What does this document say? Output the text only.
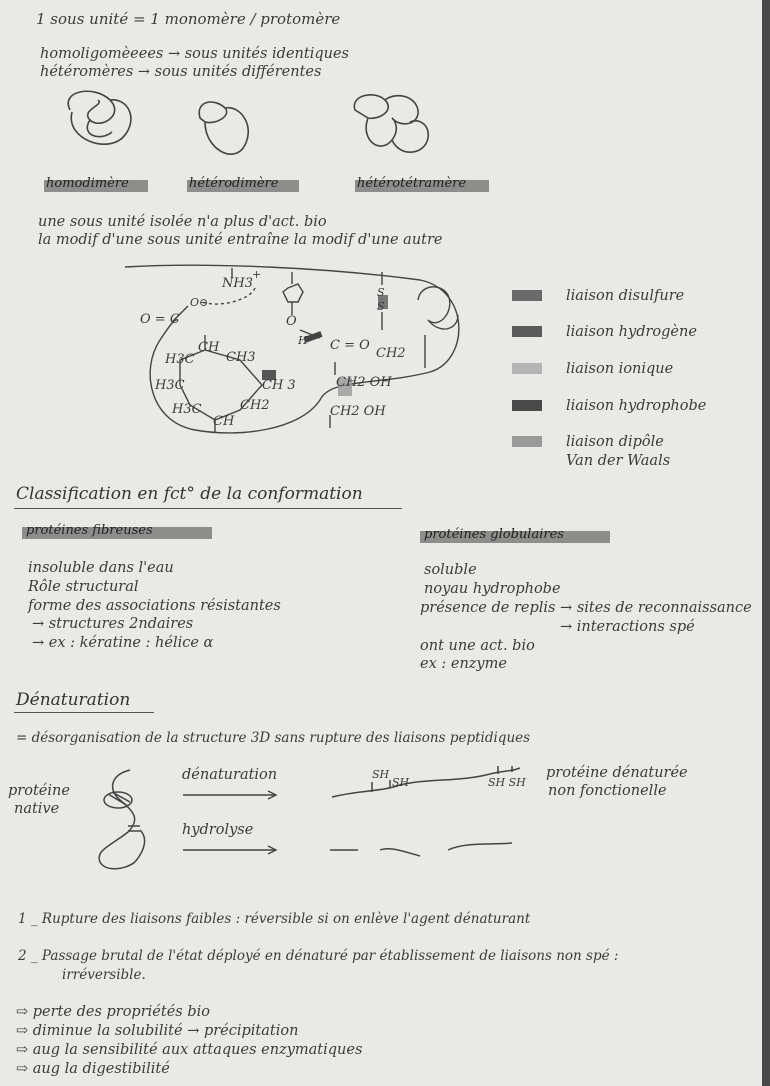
1 sous unité = 1 monomère / protomère
homoligomèeees → sous unités identiques
hétéromères → sous unités différentes
homodimère	hétérodimère	hétérotétramère
une sous unité isolée n'a plus d'act. bio
la modif d'une sous unité entraîne la modif d'une autre
NH3
+
O = C
O⊖
CH
CH3
H3C
H3C
H3C
CH 3
CH2
CH
O
H C = O
S
S
CH2
CH2 OH
CH2 OH
liaison disulfure
liaison hydrogène
liaison ionique
liaison hydrophobe
liaison dipôle
Van der Waals
Classification en fct° de la conformation
protéines fibreuses
insoluble dans l'eau
Rôle structural
forme des associations résistantes
→ structures 2ndaires
→ ex : kératine : hélice α
protéines globulaires
soluble
noyau hydrophobe
présence de replis → sites de reconnaissance
→ interactions spé
ont une act. bio
ex : enzyme
Dénaturation
= désorganisation de la structure 3D sans rupture des liaisons peptidiques
protéine
native
dénaturation
hydrolyse
SH
SH	SH SH
protéine dénaturée
non fonctionelle
1 _ Rupture des liaisons faibles : réversible si on enlève l'agent dénaturant
2 _ Passage brutal de l'état déployé en dénaturé par établissement de liaisons non spé :
irréversible.
⇨ perte des propriétés bio
⇨ diminue la solubilité → précipitation
⇨ aug la sensibilité aux attaques enzymatiques
⇨ aug la digestibilité
